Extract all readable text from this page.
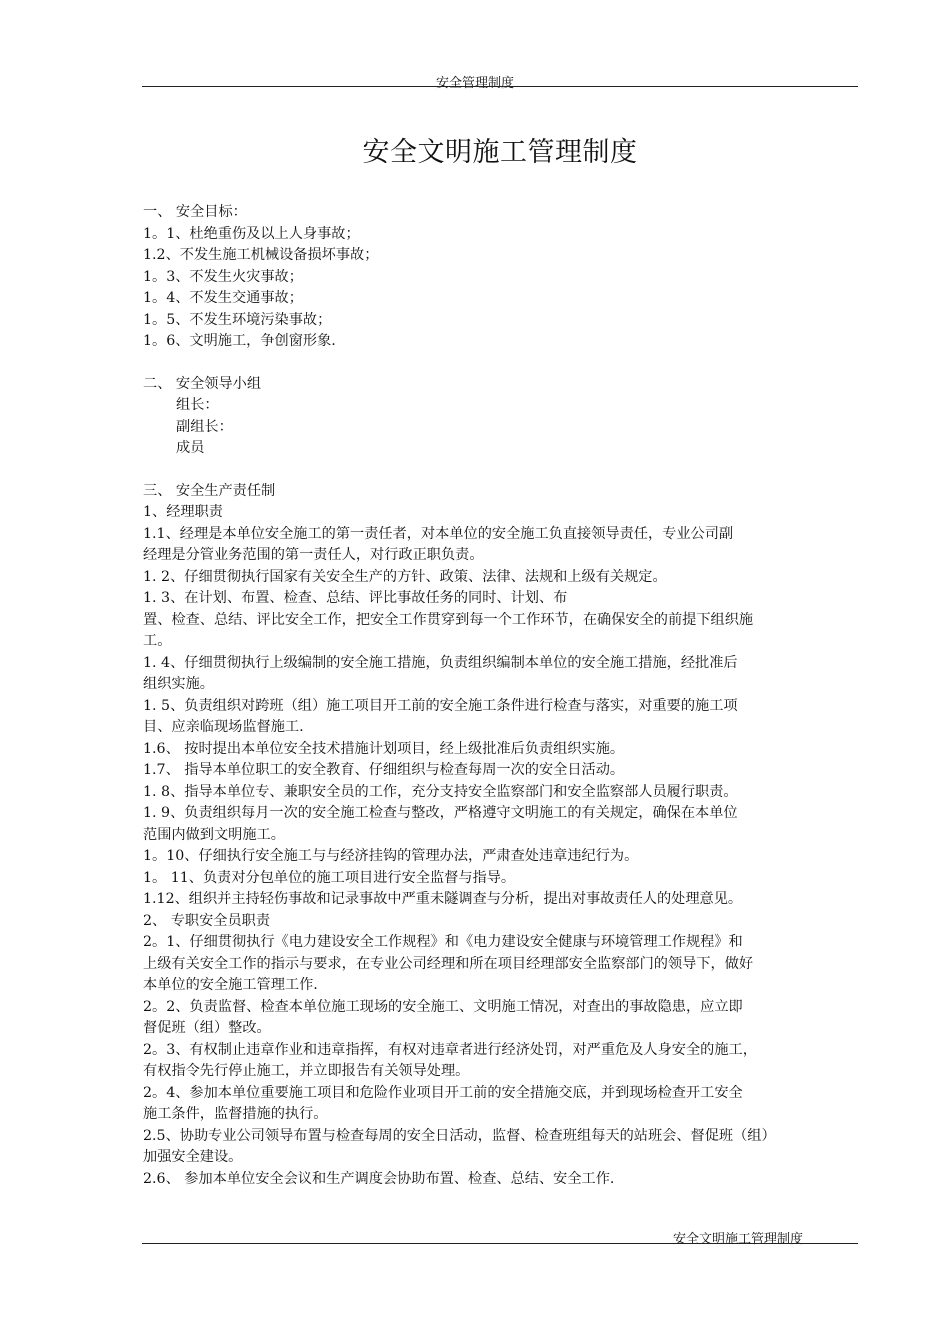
安全管理制度
安全文明施工管理制度
一、 安全目标：
1。1、杜绝重伤及以上人身事故；
1.2、不发生施工机械设备损坏事故；
1。3、不发生火灾事故；
1。4、不发生交通事故；
1。5、不发生环境污染事故；
1。6、文明施工，争创窗形象.
二、 安全领导小组
组长：
副组长：
成员
三、 安全生产责任制
1、经理职责
1.1、经理是本单位安全施工的第一责任者，对本单位的安全施工负直接领导责任，专业公司副
经理是分管业务范围的第一责任人，对行政正职负责。
1. 2、仔细贯彻执行国家有关安全生产的方针、政策、法律、法规和上级有关规定。
1. 3、在计划、布置、检查、总结、评比事故任务的同时、计划、布
置、检查、总结、评比安全工作，把安全工作贯穿到每一个工作环节，在确保安全的前提下组织施
工。
1. 4、仔细贯彻执行上级编制的安全施工措施，负责组织编制本单位的安全施工措施，经批准后
组织实施。
1. 5、负责组织对跨班（组）施工项目开工前的安全施工条件进行检查与落实，对重要的施工项
目、应亲临现场监督施工.
1.6、 按时提出本单位安全技术措施计划项目，经上级批准后负责组织实施。
1.7、 指导本单位职工的安全教育、仔细组织与检查每周一次的安全日活动。
1. 8、指导本单位专、兼职安全员的工作，充分支持安全监察部门和安全监察部人员履行职责。
1. 9、负责组织每月一次的安全施工检查与整改，严格遵守文明施工的有关规定，确保在本单位
范围内做到文明施工。
1。10、仔细执行安全施工与与经济挂钩的管理办法，严肃查处违章违纪行为。
1。 11、负责对分包单位的施工项目进行安全监督与指导。
1.12、组织并主持轻伤事故和记录事故中严重未隧调查与分析，提出对事故责任人的处理意见。
2、 专职安全员职责
2。1、仔细贯彻执行《电力建设安全工作规程》和《电力建设安全健康与环境管理工作规程》和
上级有关安全工作的指示与要求，在专业公司经理和所在项目经理部安全监察部门的领导下，做好
本单位的安全施工管理工作.
2。2、负责监督、检查本单位施工现场的安全施工、文明施工情况，对查出的事故隐患，应立即
督促班（组）整改。
2。3、有权制止违章作业和违章指挥，有权对违章者进行经济处罚，对严重危及人身安全的施工，
有权指令先行停止施工，并立即报告有关领导处理。
2。4、参加本单位重要施工项目和危险作业项目开工前的安全措施交底，并到现场检查开工安全
施工条件，监督措施的执行。
2.5、协助专业公司领导布置与检查每周的安全日活动，监督、检查班组每天的站班会、督促班（组）
加强安全建设。
2.6、 参加本单位安全会议和生产调度会协助布置、检查、总结、安全工作.
安全文明施工管理制度
